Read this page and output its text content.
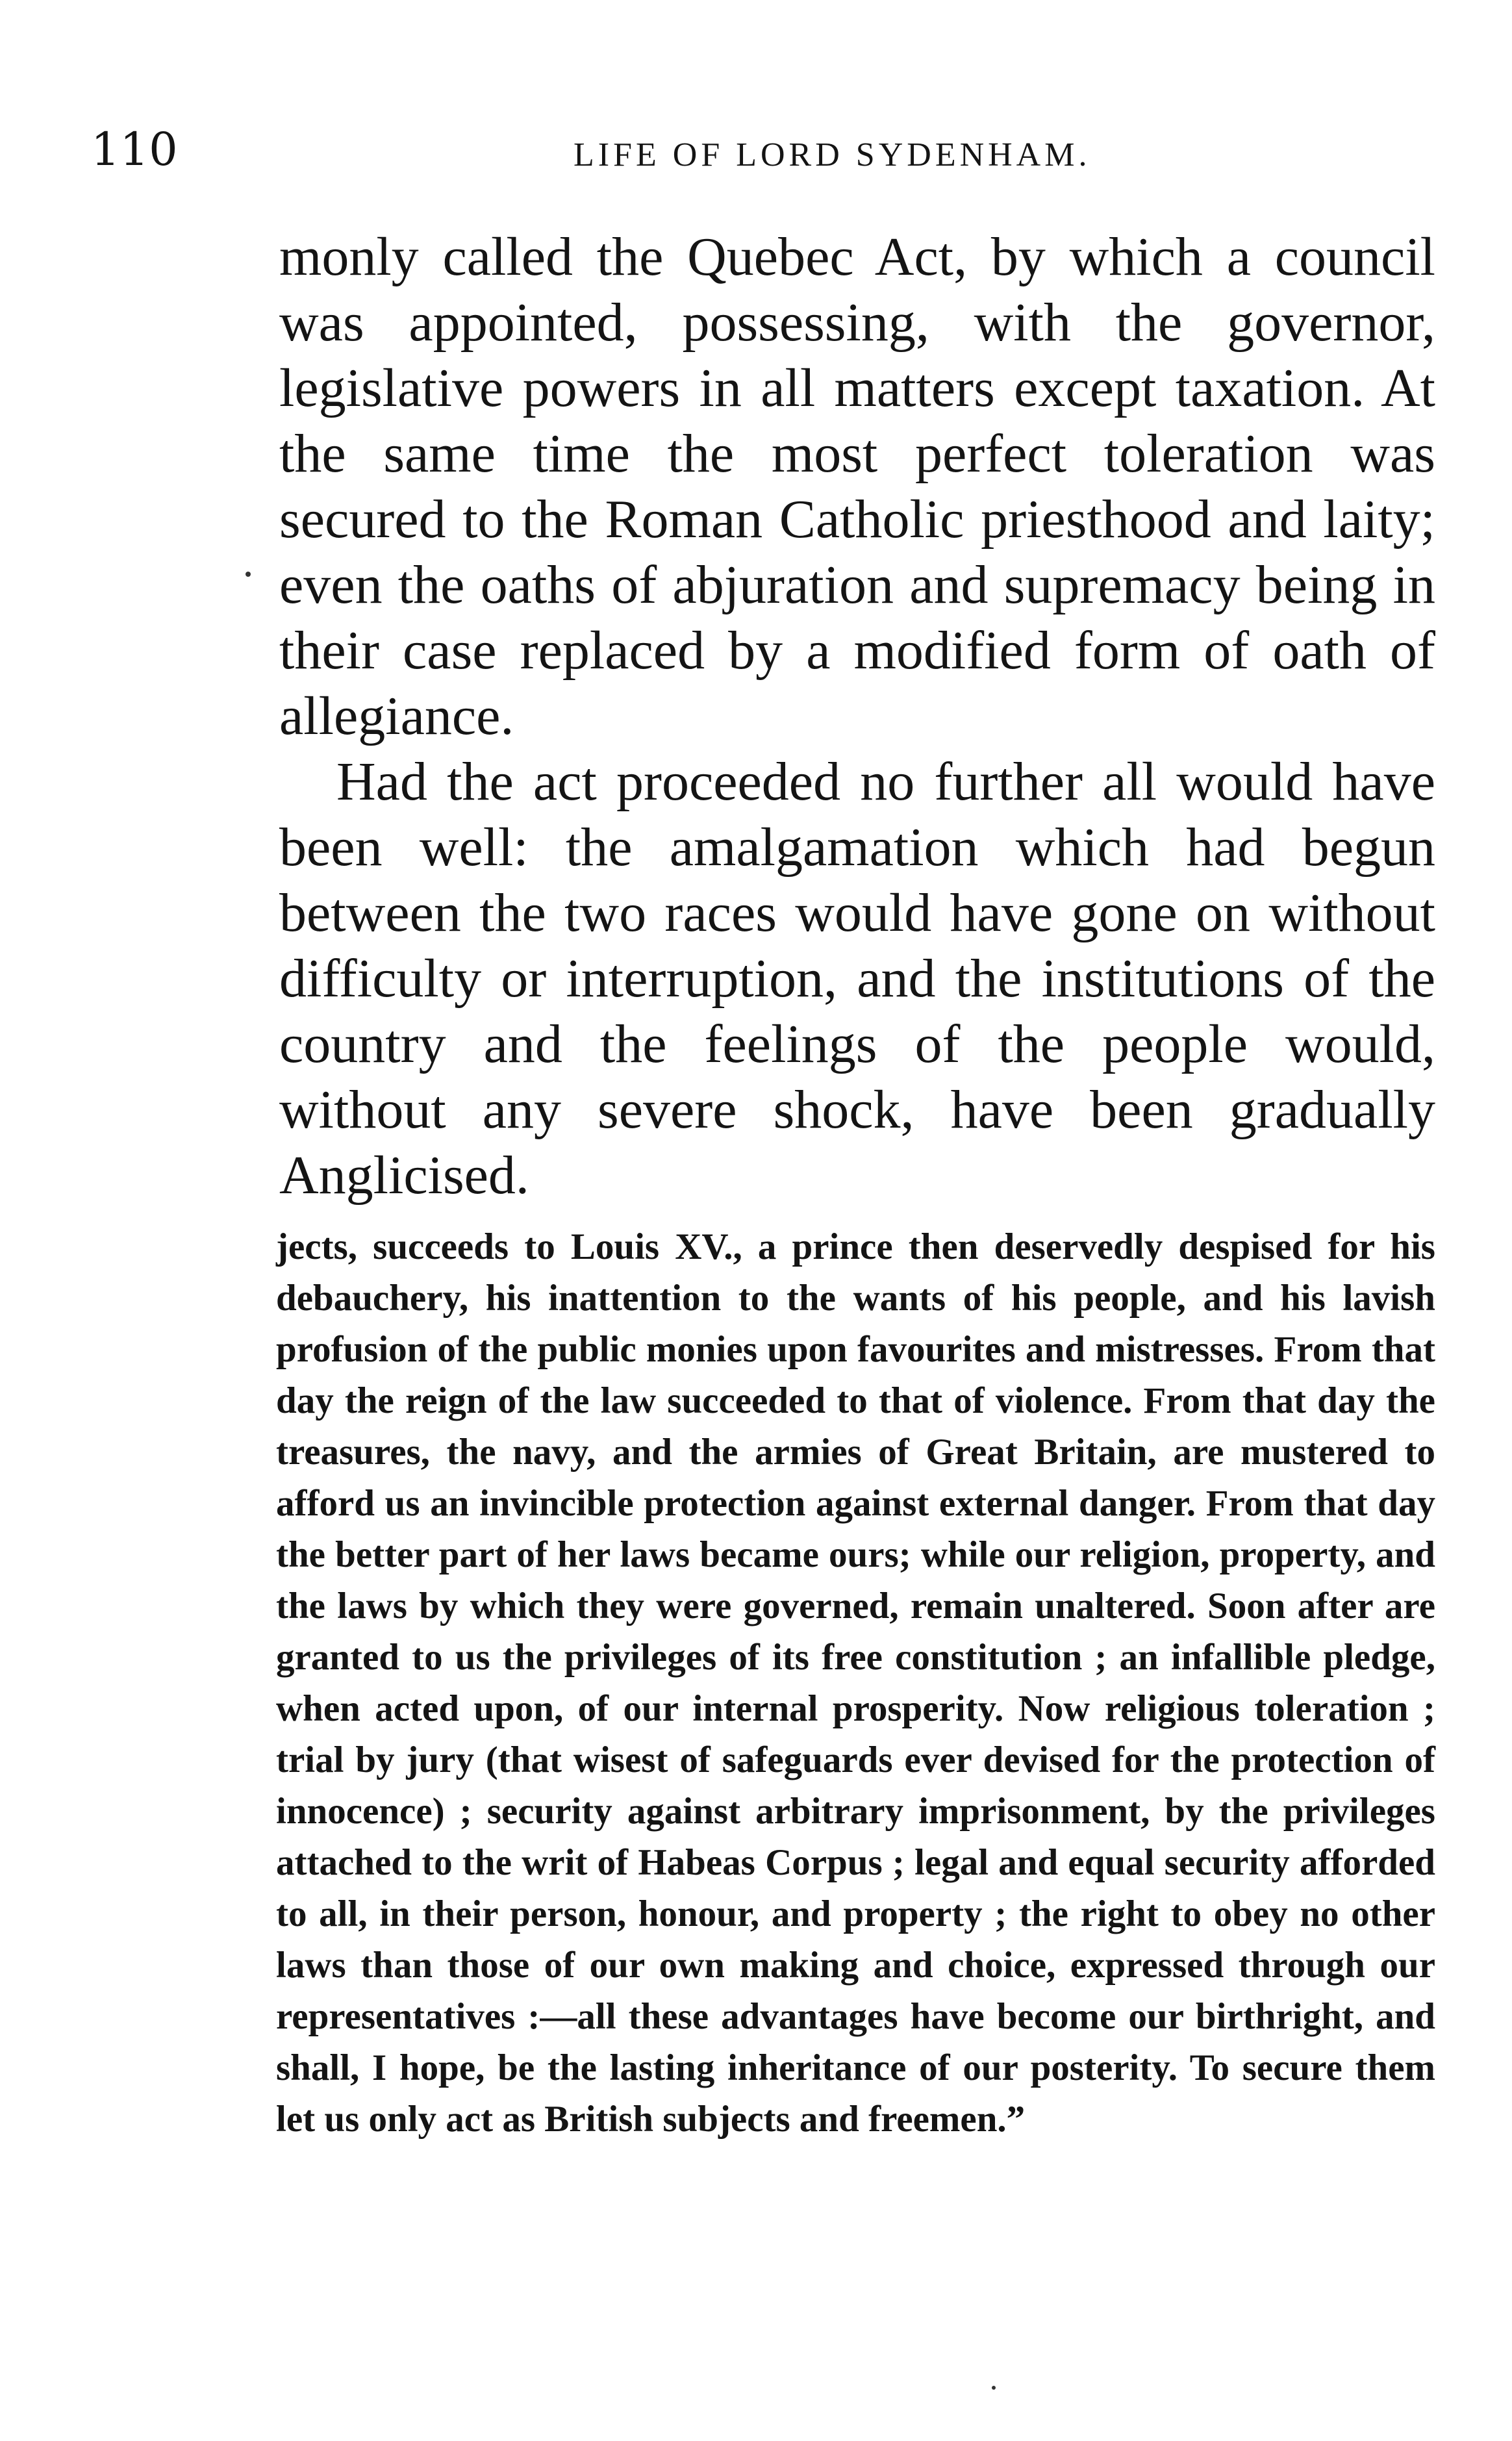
110	LIFE OF LORD SYDENHAM.

monly called the Quebec Act, by which a council was appointed, possessing, with the governor, legislative powers in all matters except taxation. At the same time the most perfect toleration was secured to the Roman Catholic priesthood and laity; even the oaths of abjuration and supremacy being in their case replaced by a modified form of oath of allegiance.

Had the act proceeded no further all would have been well: the amalgamation which had begun between the two races would have gone on without difficulty or interruption, and the institutions of the country and the feelings of the people would, without any severe shock, have been gradually Anglicised.

jects, succeeds to Louis XV., a prince then deservedly despised for his debauchery, his inattention to the wants of his people, and his lavish profusion of the public monies upon favourites and mistresses. From that day the reign of the law succeeded to that of violence. From that day the treasures, the navy, and the armies of Great Britain, are mustered to afford us an invincible protection against external danger. From that day the better part of her laws became ours; while our religion, property, and the laws by which they were governed, remain unaltered. Soon after are granted to us the privileges of its free constitution ; an infallible pledge, when acted upon, of our internal prosperity. Now religious toleration ; trial by jury (that wisest of safeguards ever devised for the protection of innocence) ; security against arbitrary imprisonment, by the privileges attached to the writ of Habeas Corpus ; legal and equal security afforded to all, in their person, honour, and property ; the right to obey no other laws than those of our own making and choice, expressed through our representatives :—all these advantages have become our birthright, and shall, I hope, be the lasting inheritance of our posterity. To secure them let us only act as British subjects and freemen.”
